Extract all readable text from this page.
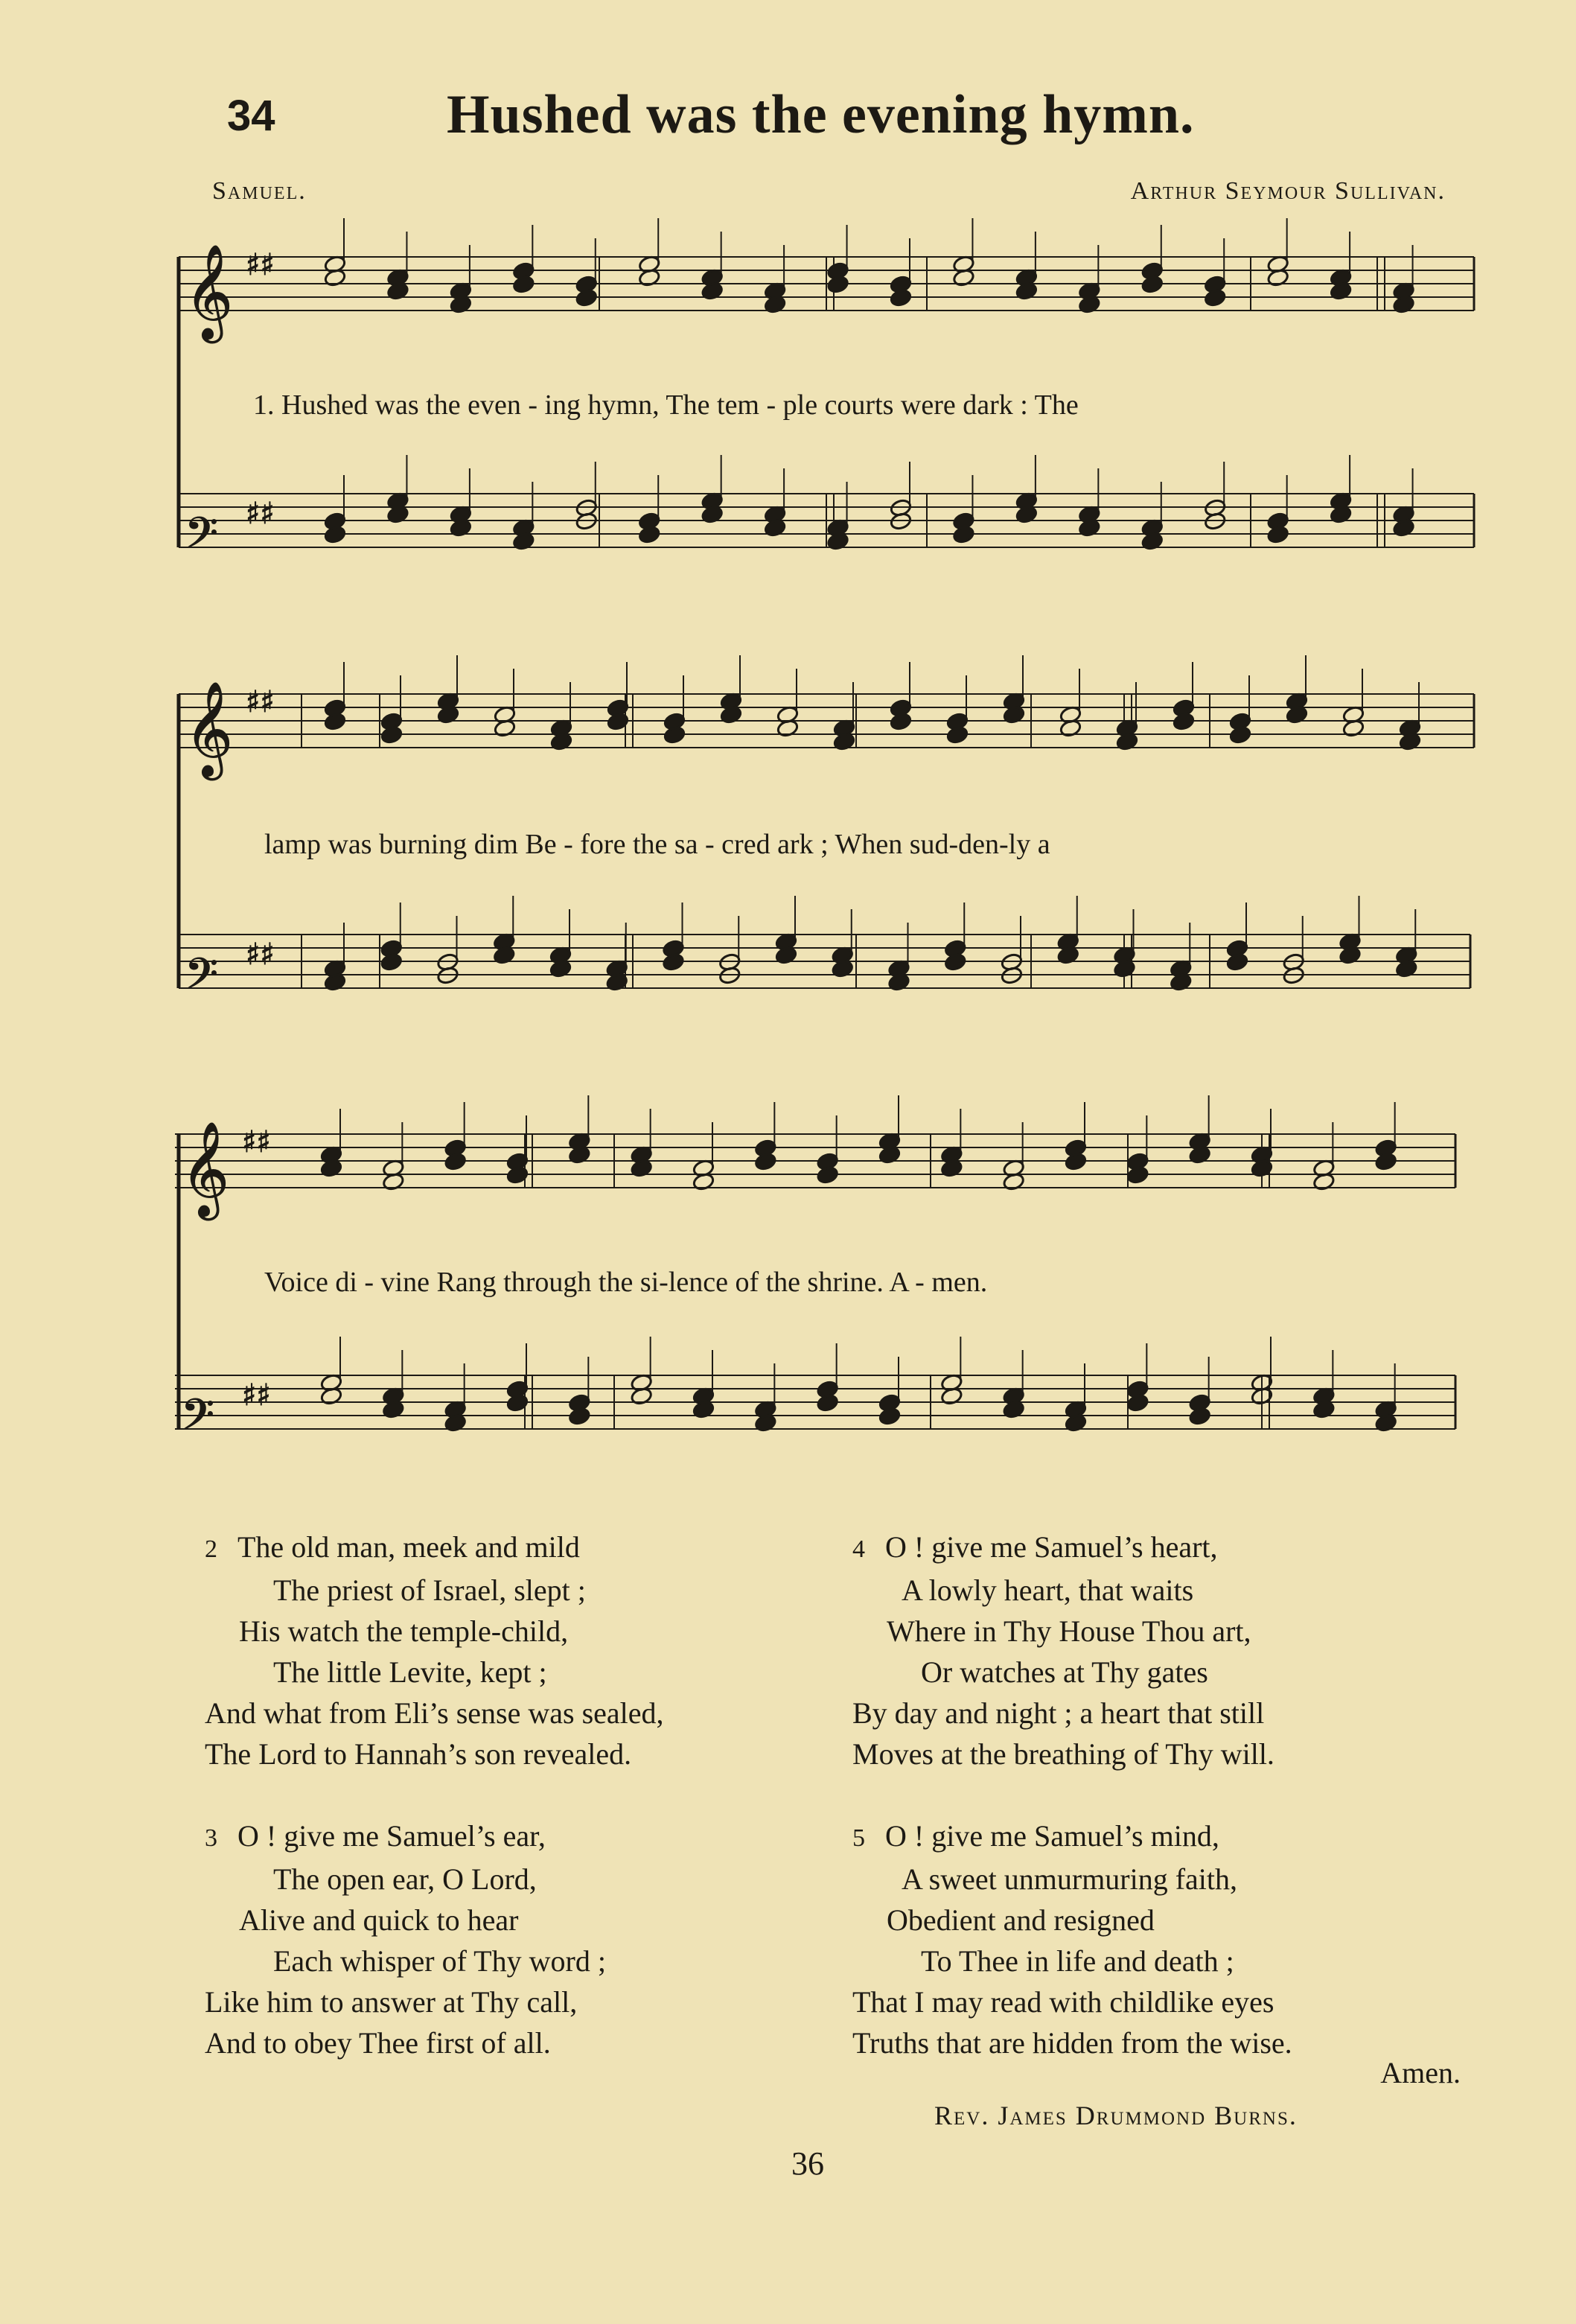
34	Hushed was the evening hymn.
Samuel.	Arthur Seymour Sullivan.
𝄞 ♯♯
𝄢 ♯♯
𝄞 ♯♯
𝄢 ♯♯
𝄞 ♯♯
𝄢 ♯♯
1. Hushed was the even - ing hymn, The tem - ple courts were dark : The
lamp was burning dim Be - fore the sa - cred ark ; When sud-den-ly a
Voice di - vine Rang through the si-lence of the shrine. A - men.
2 The old man, meek and mild
The priest of Israel, slept ;
His watch the temple-child,
The little Levite, kept ;
And what from Eli’s sense was sealed,
The Lord to Hannah’s son revealed.
3 O ! give me Samuel’s ear,
The open ear, O Lord,
Alive and quick to hear
Each whisper of Thy word ;
Like him to answer at Thy call,
And to obey Thee first of all.
4 O ! give me Samuel’s heart,
A lowly heart, that waits
Where in Thy House Thou art,
Or watches at Thy gates
By day and night ; a heart that still
Moves at the breathing of Thy will.
5 O ! give me Samuel’s mind,
A sweet unmurmuring faith,
Obedient and resigned
To Thee in life and death ;
That I may read with childlike eyes
Truths that are hidden from the wise.
Amen.
Rev. James Drummond Burns.
36
